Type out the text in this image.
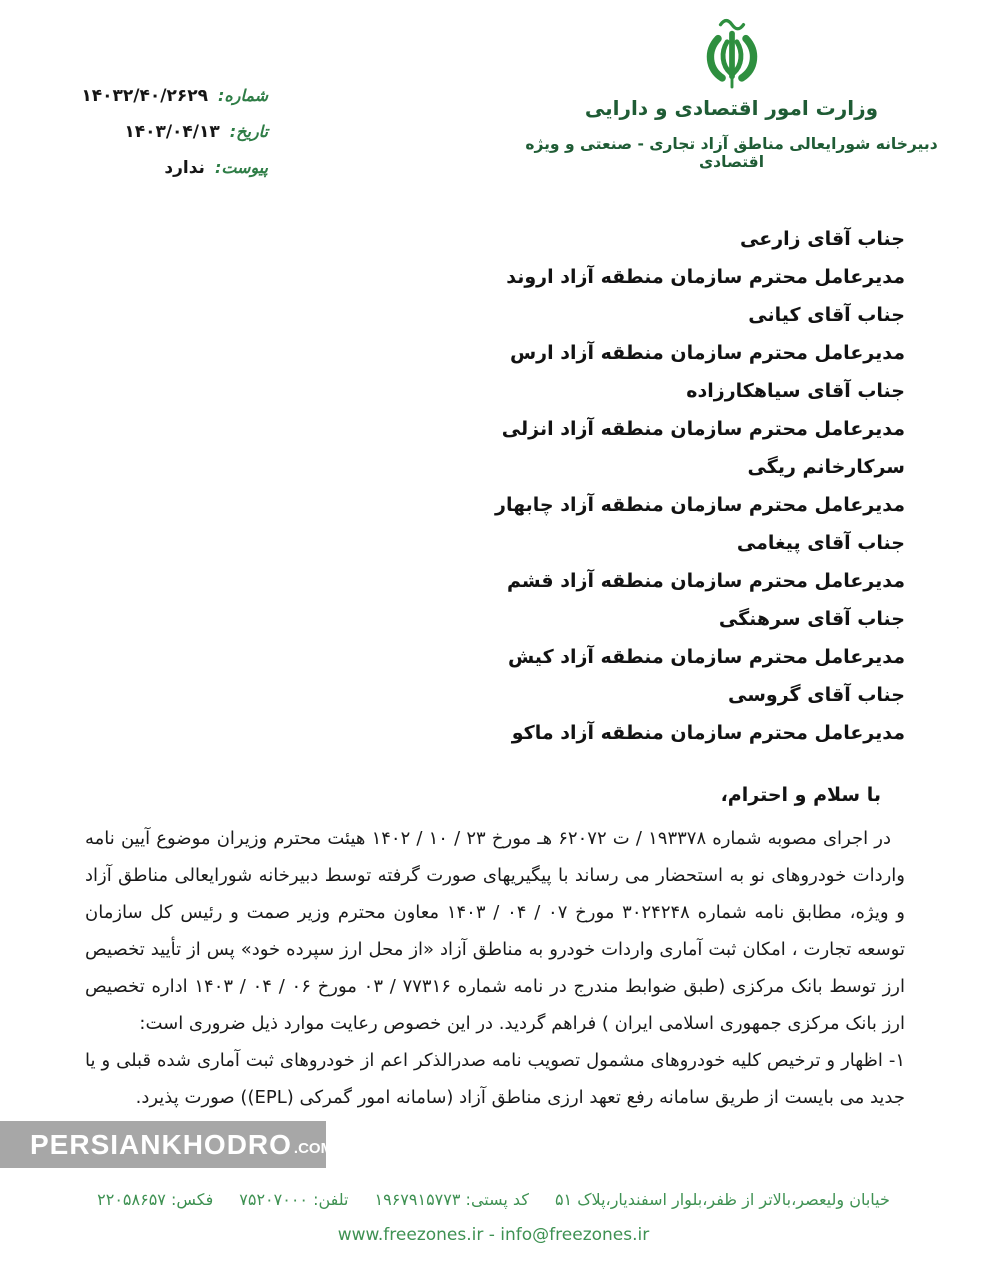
شماره:
۱۴۰۳۲/۴۰/۲۶۲۹
تاریخ:
۱۴۰۳/۰۴/۱۳
پیوست:
ندارد
وزارت امور اقتصادی و دارایی
دبیرخانه شورایعالی مناطق آزاد تجاری - صنعتی و ویژه اقتصادی
جناب آقای زارعی
مدیرعامل محترم سازمان منطقه آزاد اروند
جناب آقای کیانی
مدیرعامل محترم سازمان منطقه آزاد ارس
جناب آقای سیاهکارزاده
مدیرعامل محترم سازمان منطقه آزاد انزلی
سرکارخانم ریگی
مدیرعامل محترم سازمان منطقه آزاد چابهار
جناب آقای پیغامی
مدیرعامل محترم سازمان منطقه آزاد قشم
جناب آقای سرهنگی
مدیرعامل محترم سازمان منطقه آزاد کیش
جناب آقای گروسی
مدیرعامل محترم سازمان منطقه آزاد ماکو
با سلام و احترام،

در اجرای مصوبه شماره ۱۹۳۳۷۸ / ت ۶۲۰۷۲ هـ مورخ ۲۳ / ۱۰ / ۱۴۰۲ هیئت محترم وزیران موضوع آیین نامه واردات خودروهای نو به استحضار می رساند با پیگیریهای صورت گرفته توسط دبیرخانه شورایعالی مناطق آزاد و ویژه، مطابق نامه شماره ۳۰۲۴۲۴۸ مورخ ۰۷ / ۰۴ / ۱۴۰۳ معاون محترم وزیر صمت و رئیس کل سازمان توسعه تجارت ، امکان ثبت آماری واردات خودرو به مناطق آزاد «از محل ارز سپرده خود» پس از تأیید تخصیص ارز توسط بانک مرکزی (طبق ضوابط مندرج در نامه شماره ۷۷۳۱۶ / ۰۳ مورخ ۰۶ / ۰۴ / ۱۴۰۳ اداره تخصیص ارز بانک مرکزی جمهوری اسلامی ایران ) فراهم گردید. در این خصوص رعایت موارد ذیل ضروری است:

۱- اظهار و ترخیص کلیه خودروهای مشمول تصویب نامه صدرالذکر اعم از خودروهای ثبت آماری شده قبلی و یا جدید می بایست از طریق سامانه رفع تعهد ارزی مناطق آزاد (سامانه امور گمرکی (EPL)) صورت پذیرد.

PERSIANKHODRO .COM
خیابان ولیعصر،بالاتر از ظفر،بلوار اسفندیار،پلاک ۵۱
کد پستی: ۱۹۶۷۹۱۵۷۷۳
تلفن: ۷۵۲۰۷۰۰۰
فکس: ۲۲۰۵۸۶۵۷
www.freezones.ir - info@freezones.ir
